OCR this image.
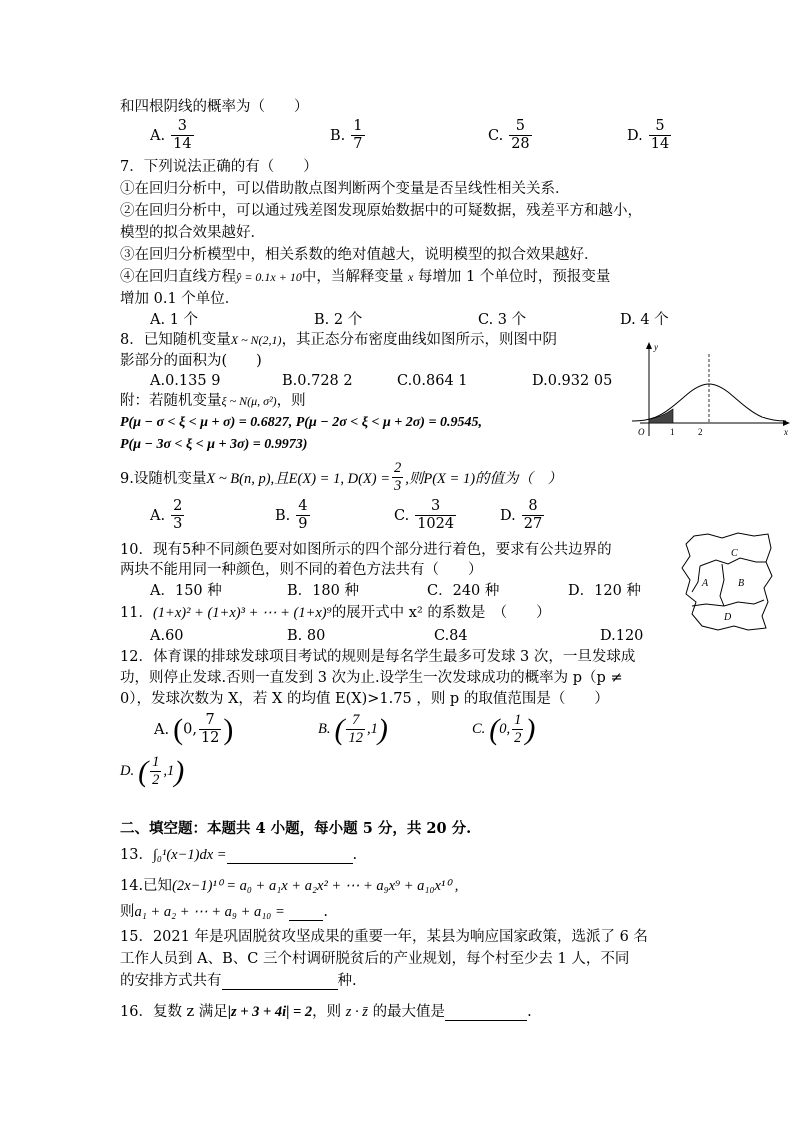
和四根阴线的概率为（　　）
A. $\frac{3}{14}$	B. $\frac{1}{7}$	C. $\frac{5}{28}$	D. $\frac{5}{14}$
7．下列说法正确的有（　　）
①在回归分析中，可以借助散点图判断两个变量是否呈线性相关关系．
②在回归分析中，可以通过残差图发现原始数据中的可疑数据，残差平方和越小，
模型的拟合效果越好．
③在回归分析模型中，相关系数的绝对值越大，说明模型的拟合效果越好．
④在回归直线方程ŷ = 0.1x + 10中，当解释变量 x 每增加 1 个单位时，预报变量
增加 0.1 个单位．
A. 1 个	B. 2 个	C. 3 个	D. 4 个
8．已知随机变量X ~ N(2,1)，其正态分布密度曲线如图所示，则图中阴
影部分的面积为(　　)
A.0.135 9	B.0.728 2	C.0.864 1	D.0.932 05
附：若随机变量ξ ~ N(μ, σ²)，则
P(μ − σ < ξ < μ + σ) = 0.6827, P(μ − 2σ < ξ < μ + 2σ) = 0.9545,
P(μ − 3σ < ξ < μ + 3σ) = 0.9973)
y
O	1	2	x
9.设随机变量X ~ B(n, p),且E(X) = 1, $D(X) = \frac{2}{3}$ ,则P(X = 1)的值为（　）
A. $\frac{2}{3}$	B. $\frac{4}{9}$	C. $\frac{3}{1024}$	D. $\frac{8}{27}$
10．现有5种不同颜色要对如图所示的四个部分进行着色，要求有公共边界的
两块不能用同一种颜色，则不同的着色方法共有（　　）
A．150 种	B．180 种	C．240 种	D．120 种	A	B
C
D
11．(1+x)² + (1+x)³ + ⋯ + (1+x)⁹的展开式中 x² 的系数是　（　　）
A.60	B. 80	C.84	D.120
12．体育课的排球发球项目考试的规则是每名学生最多可发球 3 次，一旦发球成
功，则停止发球.否则一直发到 3 次为止.设学生一次发球成功的概率为 p（p ≠
0），发球次数为 X，若 X 的均值 E(X)>1.75 ，则 p 的取值范围是（　　）
A. (0, $\frac{7}{12}$ )	B. ( $\frac{7}{12} ,1$)	C. (0, $\frac{1}{2}$ )
D. ( $\frac{1}{2} ,1$)
二、填空题：本题共 4 小题，每小题 5 分，共 20 分.
13．∫₀¹(x−1)dx =	.
14.已知(2x−1)¹⁰ = a₀ + a₁x + a₂x² + ⋯ + a₉x⁹ + a₁₀x¹⁰ ,
则a₁ + a₂ + ⋯ + a₉ + a₁₀ =	.
15．2021 年是巩固脱贫攻坚成果的重要一年，某县为响应国家政策，选派了 6 名
工作人员到 A、B、C 三个村调研脱贫后的产业规划，每个村至少去 1 人，不同
的安排方式共有	种.
16．复数 z 满足|z + 3 + 4i| = 2，则 z · z̄ 的最大值是	.
